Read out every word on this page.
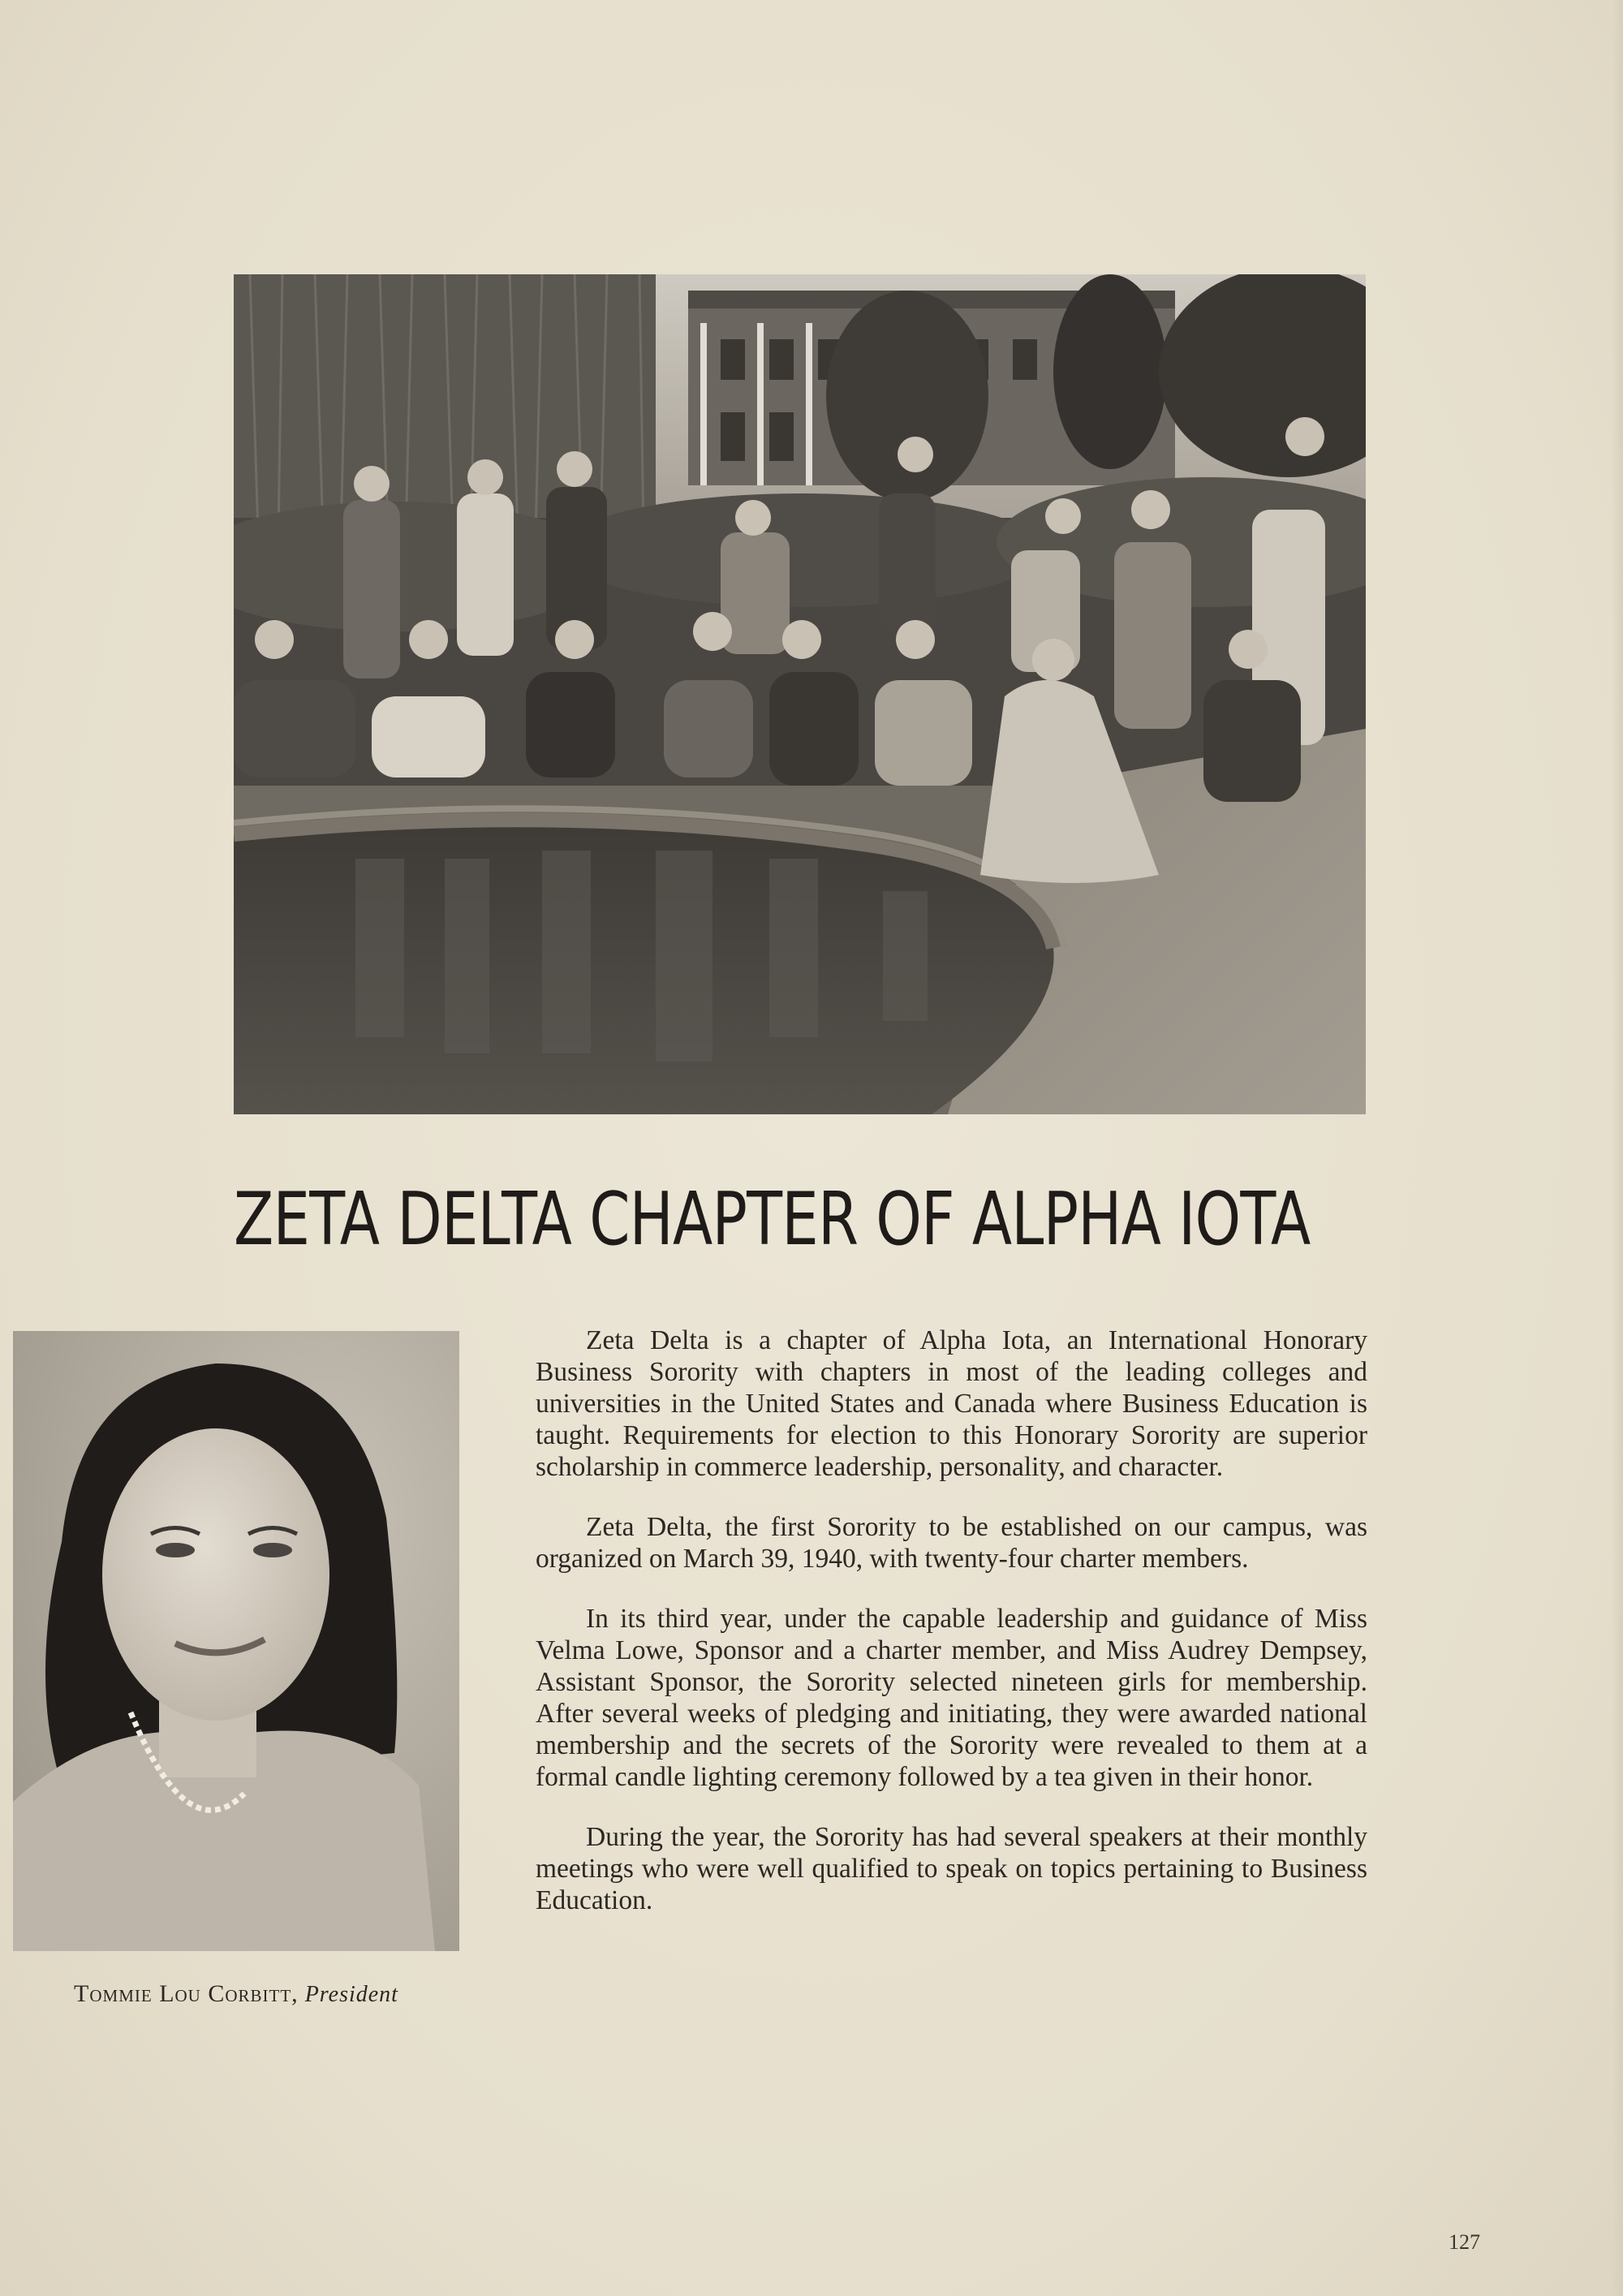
ZETA DELTA CHAPTER OF ALPHA IOTA
Tommie Lou Corbitt, President

Zeta Delta is a chapter of Alpha Iota, an International Honorary Business Sorority with chapters in most of the leading colleges and universities in the United States and Canada where Business Education is taught. Requirements for election to this Honorary Sorority are superior scholarship in commerce leadership, personality, and character.

Zeta Delta, the first Sorority to be established on our campus, was organized on March 39, 1940, with twenty-four charter members.

In its third year, under the capable leadership and guidance of Miss Velma Lowe, Sponsor and a charter member, and Miss Audrey Dempsey, Assistant Sponsor, the Sorority selected nineteen girls for membership. After several weeks of pledging and initiating, they were awarded national membership and the secrets of the Sorority were revealed to them at a formal candle lighting ceremony followed by a tea given in their honor.

During the year, the Sorority has had several speakers at their monthly meetings who were well qualified to speak on topics pertaining to Business Education.

127
